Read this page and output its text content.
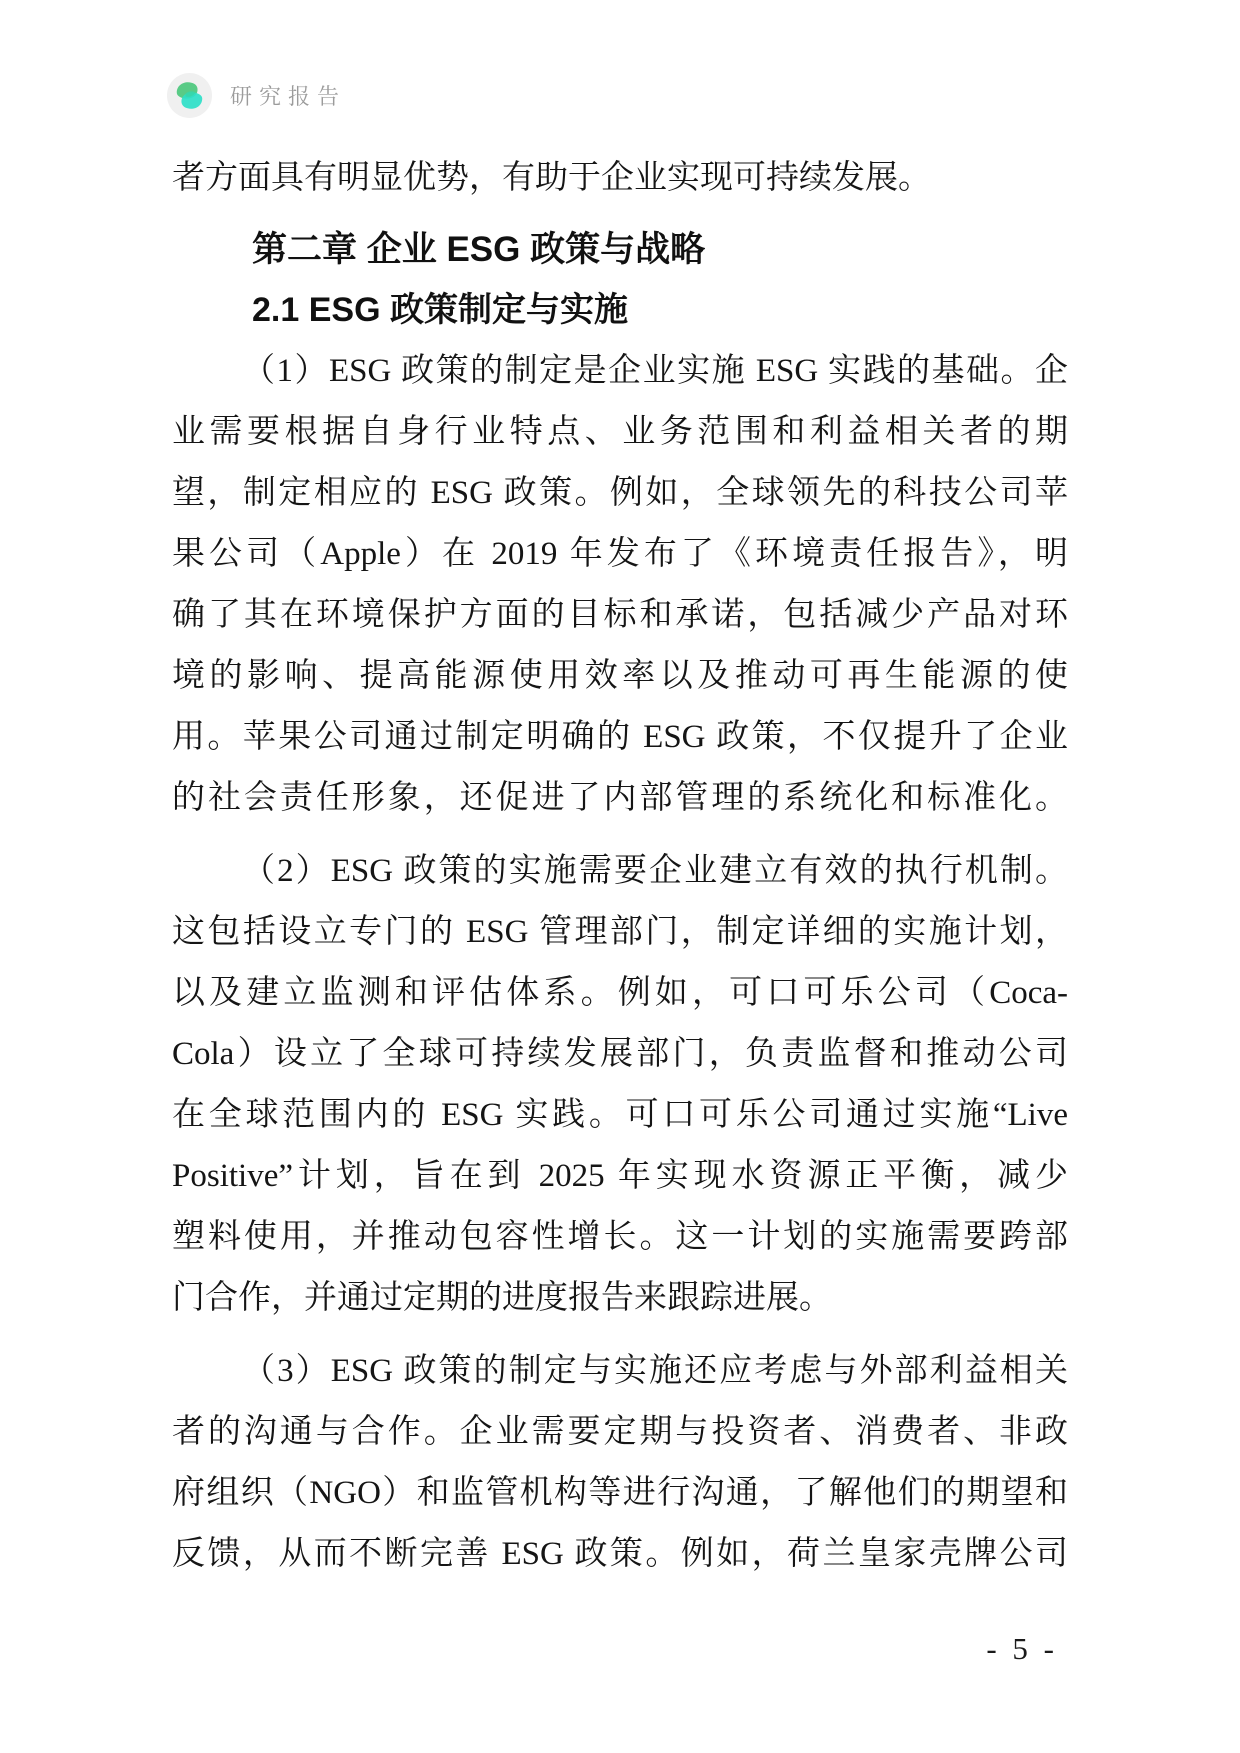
研究报告
者方面具有明显优势，有助于企业实现可持续发展。
第二章 企业 ESG 政策与战略
2.1 ESG 政策制定与实施
（1）ESG 政策的制定是企业实施 ESG 实践的基础。企
业需要根据自身行业特点、业务范围和利益相关者的期
望，制定相应的 ESG 政策。例如，全球领先的科技公司苹
果公司（Apple）在 2019 年发布了《环境责任报告》，明
确了其在环境保护方面的目标和承诺，包括减少产品对环
境的影响、提高能源使用效率以及推动可再生能源的使
用。苹果公司通过制定明确的 ESG 政策，不仅提升了企业
的社会责任形象，还促进了内部管理的系统化和标准化。
（2）ESG 政策的实施需要企业建立有效的执行机制。
这包括设立专门的 ESG 管理部门，制定详细的实施计划，
以及建立监测和评估体系。例如，可口可乐公司（Coca-
Cola）设立了全球可持续发展部门，负责监督和推动公司
在全球范围内的 ESG 实践。可口可乐公司通过实施“Live
Positive”计划，旨在到 2025 年实现水资源正平衡，减少
塑料使用，并推动包容性增长。这一计划的实施需要跨部
门合作，并通过定期的进度报告来跟踪进展。
（3）ESG 政策的制定与实施还应考虑与外部利益相关
者的沟通与合作。企业需要定期与投资者、消费者、非政
府组织（NGO）和监管机构等进行沟通，了解他们的期望和
反馈，从而不断完善 ESG 政策。例如，荷兰皇家壳牌公司
- 5 -
